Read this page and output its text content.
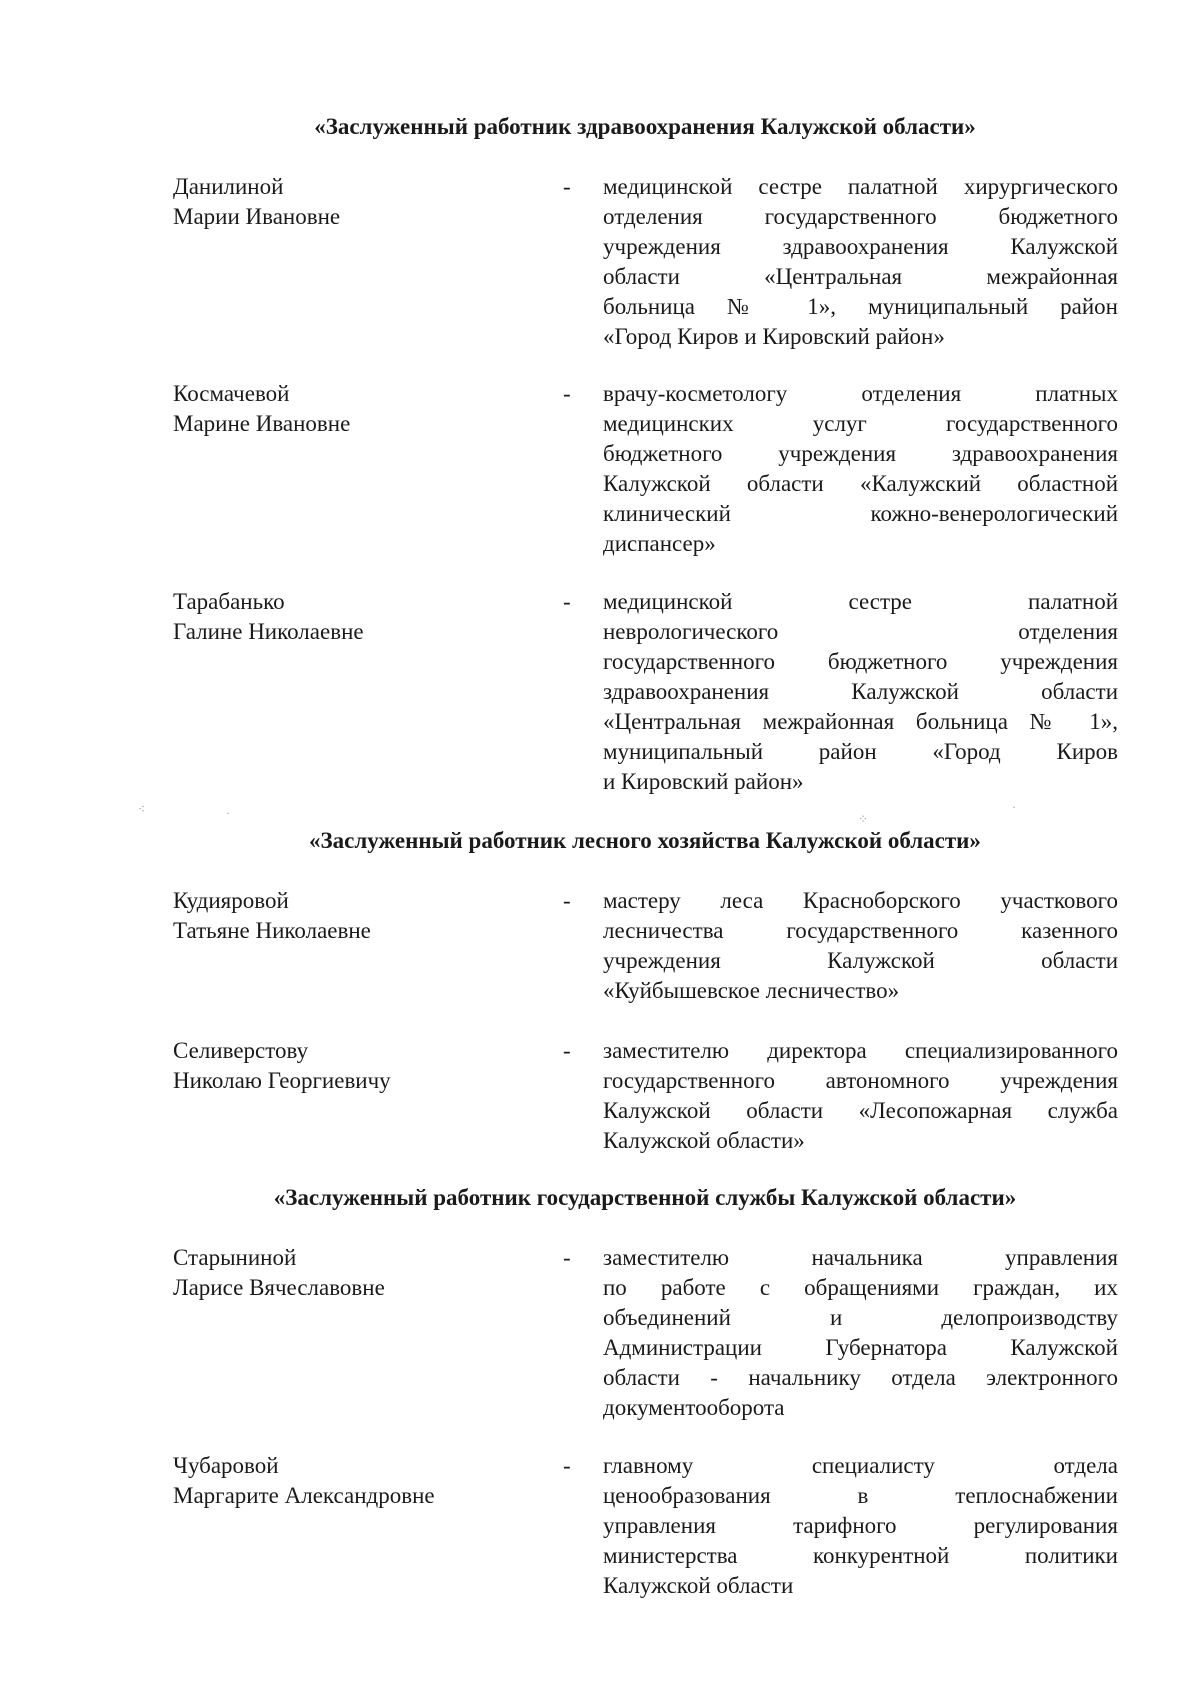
«Заслуженный работник здравоохранения Калужской области»
Данилиной
Марии Ивановне
- медицинской сестре палатной хирургического
отделения государственного бюджетного
учреждения здравоохранения Калужской
области «Центральная межрайонная
больница № 1», муниципальный район
«Город Киров и Кировский район»
Космачевой
Марине Ивановне
- врачу-косметологу отделения платных
медицинских услуг государственного
бюджетного учреждения здравоохранения
Калужской области «Калужский областной
клинический кожно-венерологический
диспансер»
Тарабанько
Галине Николаевне
- медицинской сестре палатной
неврологического отделения
государственного бюджетного учреждения
здравоохранения Калужской области
«Центральная межрайонная больница № 1»,
муниципальный район «Город Киров
и Кировский район»
⁖	·	⁘
·
«Заслуженный работник лесного хозяйства Калужской области»
Кудияровой
Татьяне Николаевне
- мастеру леса Красноборского участкового
лесничества государственного казенного
учреждения Калужской области
«Куйбышевское лесничество»
Селиверстову
Николаю Георгиевичу
- заместителю директора специализированного
государственного автономного учреждения
Калужской области «Лесопожарная служба
Калужской области»
«Заслуженный работник государственной службы Калужской области»
Старыниной
Ларисе Вячеславовне
- заместителю начальника управления
по работе с обращениями граждан, их
объединений и делопроизводству
Администрации Губернатора Калужской
области - начальнику отдела электронного
документооборота
Чубаровой
Маргарите Александровне
- главному специалисту отдела
ценообразования в теплоснабжении
управления тарифного регулирования
министерства конкурентной политики
Калужской области
